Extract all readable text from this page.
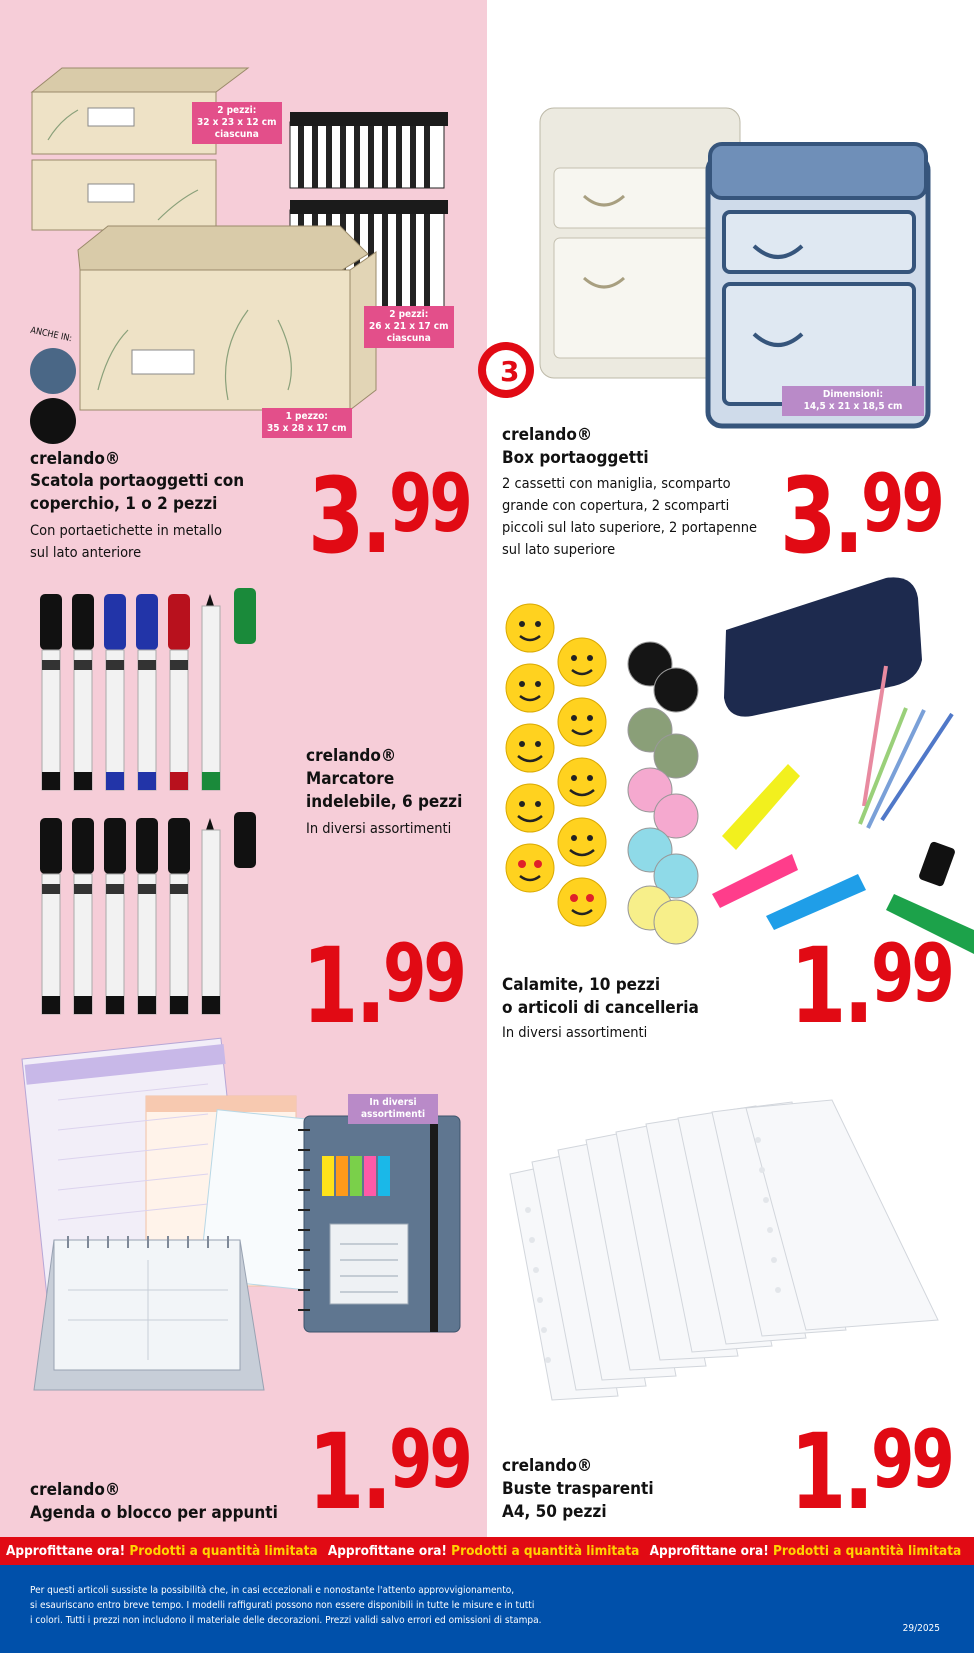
2 pezzi:
32 x 23 x 12 cm
ciascuna
2 pezzi:
26 x 21 x 17 cm
ciascuna
1 pezzo:
35 x 28 x 17 cm
ANCHE IN:
crelando®
Scatola portaoggetti con
coperchio, 1 o 2 pezzi
Con portaetichette in metallo
sul lato anteriore	3.99
3
Dimensioni:
14,5 x 21 x 18,5 cm
crelando®
Box portaoggetti
2 cassetti con maniglia, scomparto
grande con copertura, 2 scomparti
piccoli sul lato superiore, 2 portapenne
sul lato superiore	3.99
crelando®
Marcatore
indelebile, 6 pezzi
In diversi assortimenti
1.99 Calamite, 10 pezzi
o articoli di cancelleria
In diversi assortimenti 1.99
In diversi
assortimenti
crelando®
Agenda o blocco per appunti 1.99 crelando®
Buste trasparenti
A4, 50 pezzi	1.99
Approfittane ora! Prodotti a quantità limitata Approfittane ora! Prodotti a quantità limitata Approfittane ora! Prodotti a quantità limitata
Per questi articoli sussiste la possibilità che, in casi eccezionali e nonostante l'attento approvvigionamento,
si esauriscano entro breve tempo. I modelli raffigurati possono non essere disponibili in tutte le misure e in tutti
i colori. Tutti i prezzi non includono il materiale delle decorazioni. Prezzi validi salvo errori ed omissioni di stampa.
29/2025
